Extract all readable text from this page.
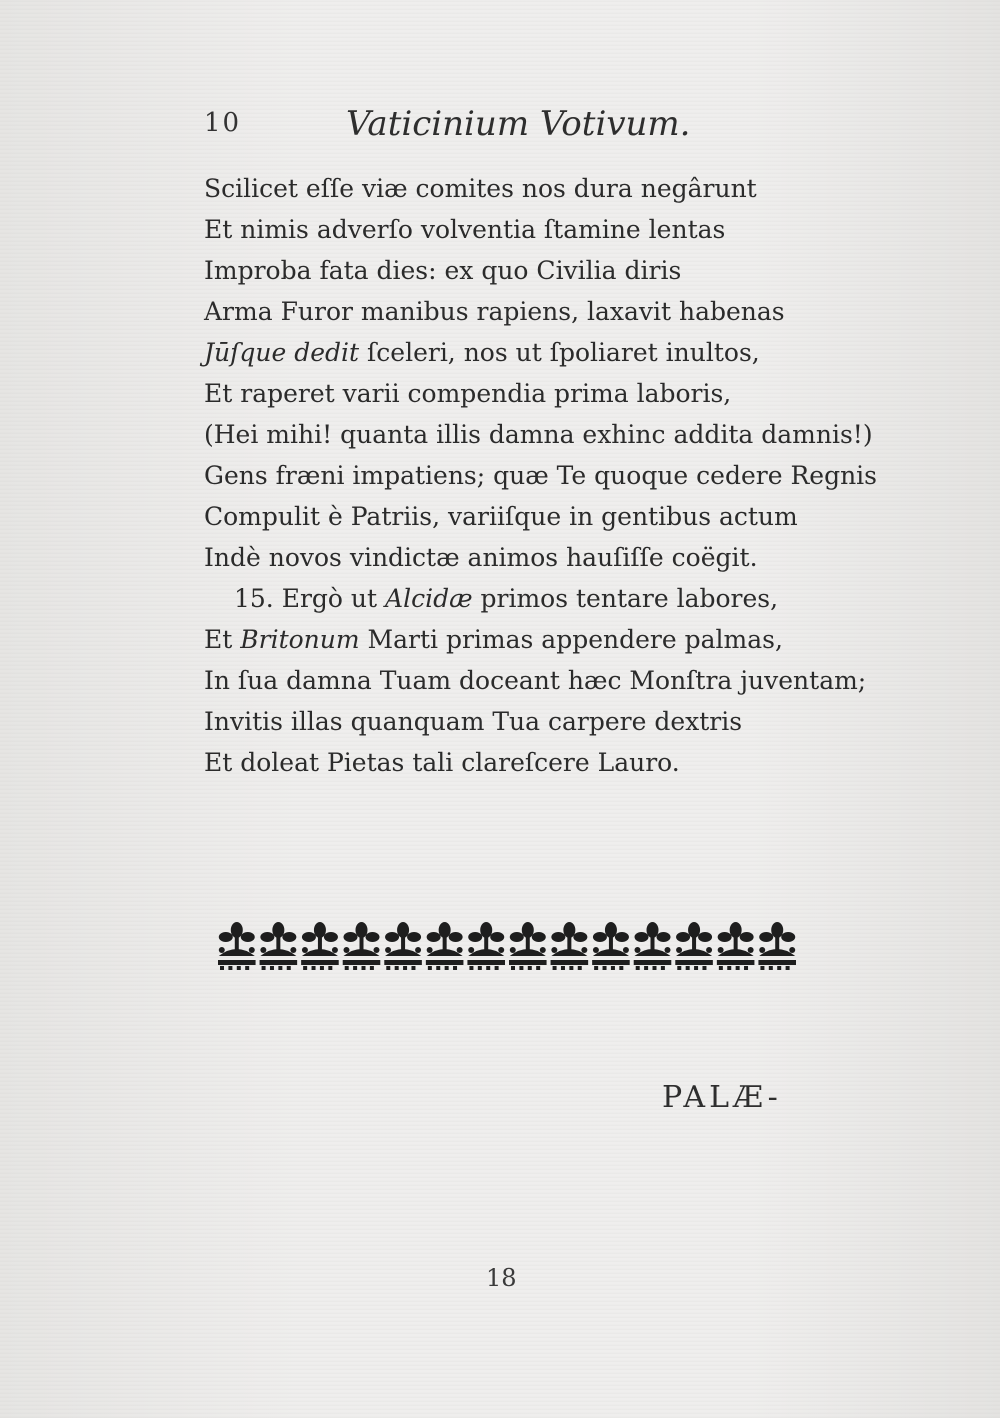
10	Vaticinium Votivum.
Scilicet eſſe viæ comites nos dura negârunt
Et nimis adverſo volventia ſtamine lentas
Improba fata dies: ex quo Civilia diris
Arma Furor manibus rapiens, laxavit habenas
Jūſque dedit ſceleri, nos ut ſpoliaret inultos,
Et raperet varii compendia prima laboris,
(Hei mihi! quanta illis damna exhinc addita damnis!)
Gens fræni impatiens; quæ Te quoque cedere Regnis
Compulit è Patriis, variiſque in gentibus actum
Indè novos vindictæ animos hauſiſſe coëgit.
15. Ergò ut Alcidæ primos tentare labores,
Et Britonum Marti primas appendere palmas,
In ſua damna Tuam doceant hæc Monſtra juventam;
Invitis illas quanquam Tua carpere dextris
Et doleat Pietas tali clareſcere Lauro.
PALÆ-
18
